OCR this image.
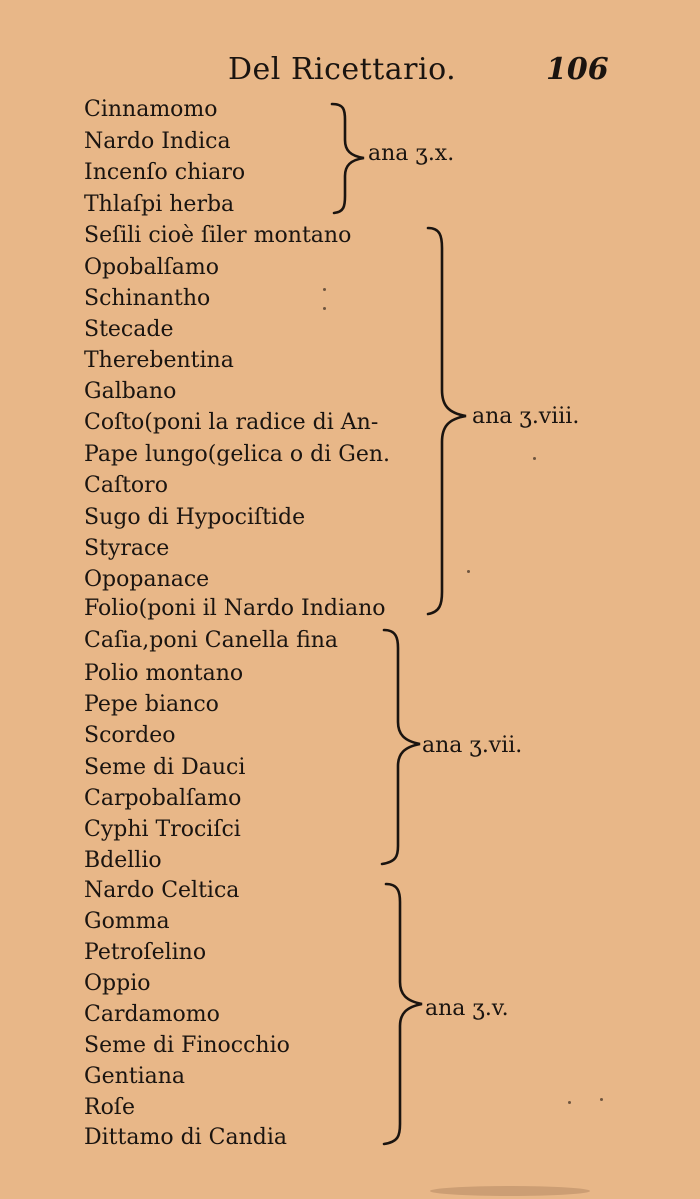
Del Ricettario.	106
Cinnamomo
Nardo Indica
Incenſo chiaro
Thlaſpi herba
ana ʒ.x.
Seſili cioè ſiler montano
Opobalſamo
Schinantho
Stecade
Therebentina
Galbano
Coſto(poni la radice di An-
Pape lungo(gelica o di Gen.
Caſtoro
Sugo di Hypociſtide
Styrace
Opopanace
Folio(poni il Nardo Indiano
ana ʒ.viii.
Caſia,poni Canella fina
Polio montano
Pepe bianco
Scordeo
Seme di Dauci
Carpobalſamo
Cyphi Trociſci
Bdellio
ana ʒ.vii.
Nardo Celtica
Gomma
Petroſelino
Oppio
Cardamomo
Seme di Finocchio
Gentiana
Roſe
Dittamo di Candia
ana ʒ.v.
